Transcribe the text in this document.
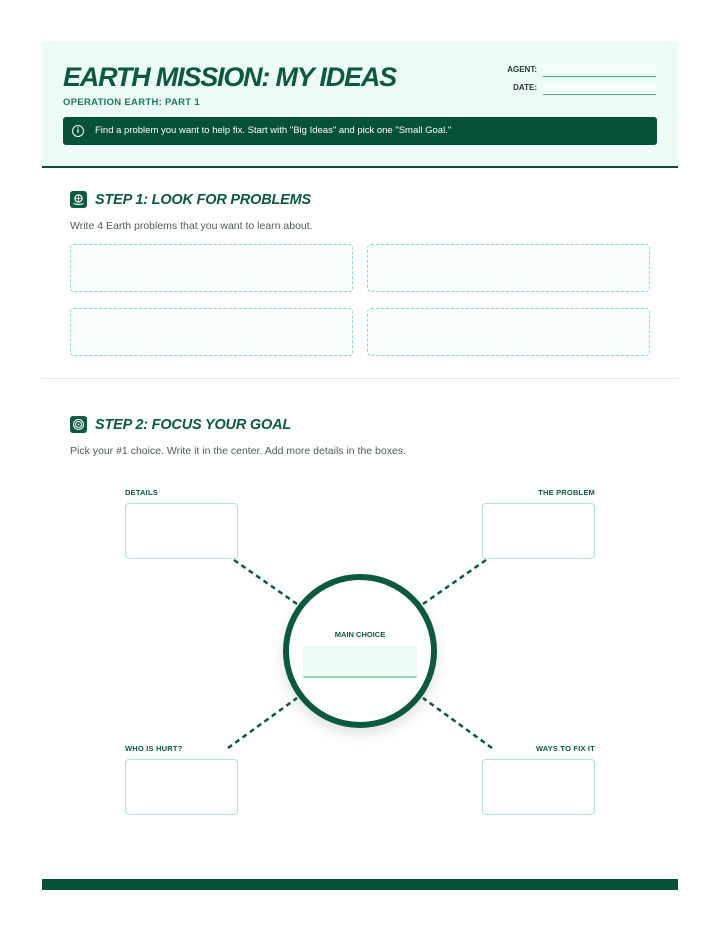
EARTH MISSION: MY IDEAS
OPERATION EARTH: PART 1
AGENT:
DATE:
i	Find a problem you want to help fix. Start with "Big Ideas" and pick one "Small Goal."
STEP 1: LOOK FOR PROBLEMS
Write 4 Earth problems that you want to learn about.
STEP 2: FOCUS YOUR GOAL
Pick your #1 choice. Write it in the center. Add more details in the boxes.
DETAILS	THE PROBLEM
WHO IS HURT?	WAYS TO FIX IT
MAIN CHOICE
